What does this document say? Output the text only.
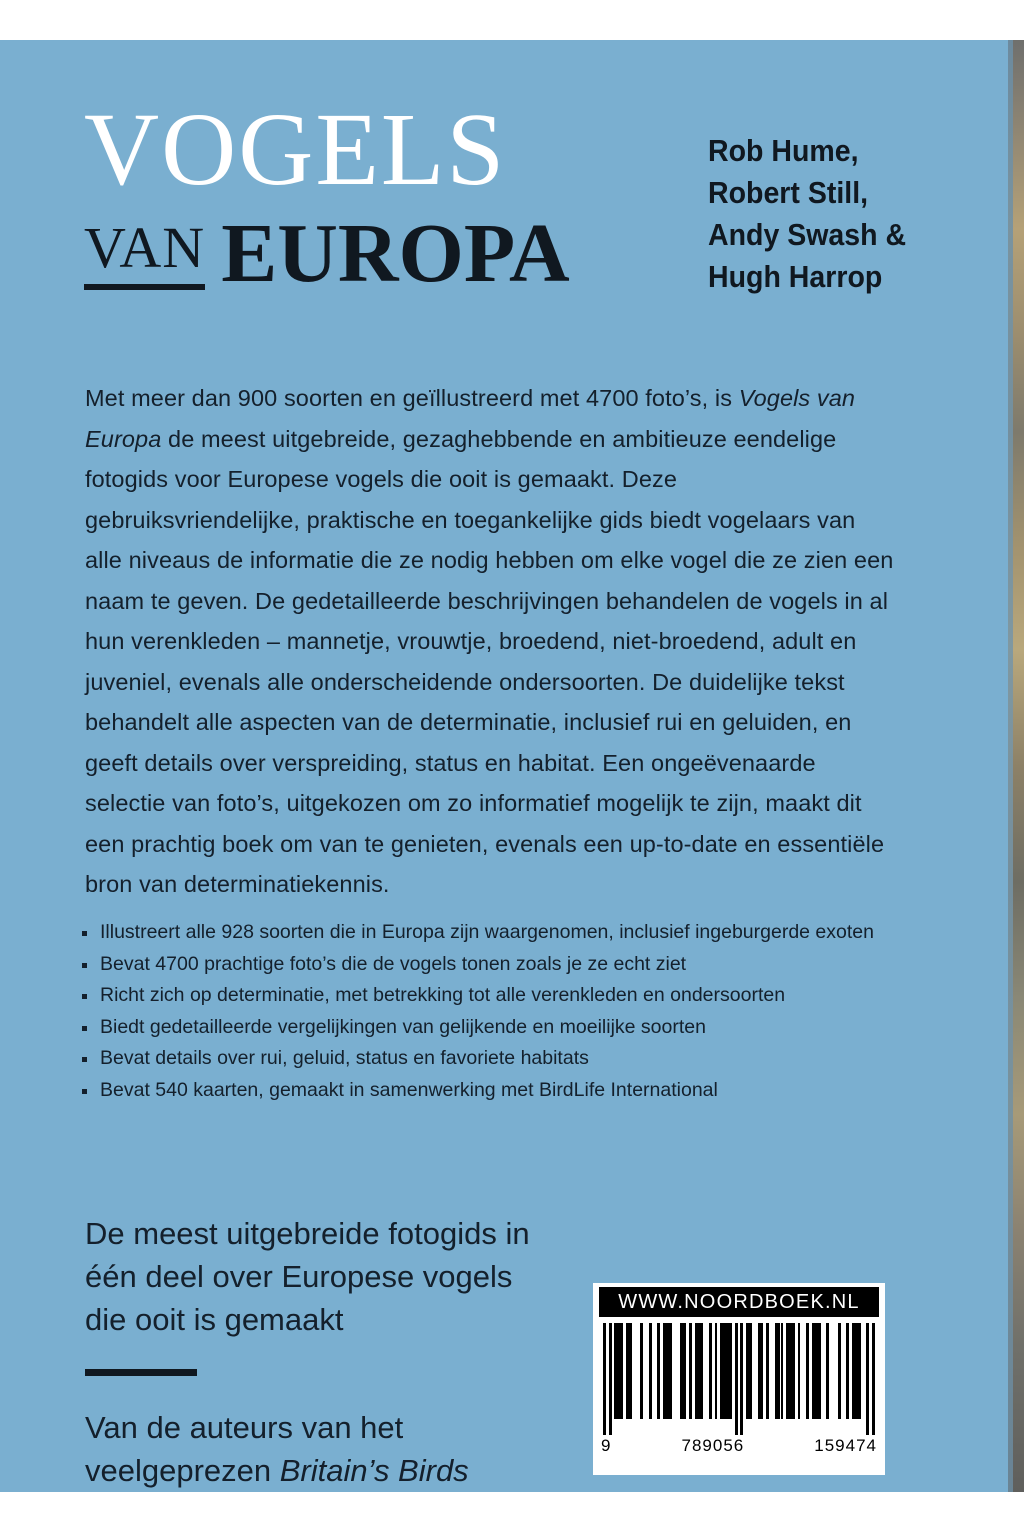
VOGELS
VAN EUROPA
Rob Hume,
Robert Still,
Andy Swash &
Hugh Harrop

Met meer dan 900 soorten en geïllustreerd met 4700 foto’s, is Vogels van Europa de meest uitgebreide, gezaghebbende en ambitieuze eendelige fotogids voor Europese vogels die ooit is gemaakt. Deze gebruiksvriendelijke, praktische en toegankelijke gids biedt vogelaars van alle niveaus de informatie die ze nodig hebben om elke vogel die ze zien een naam te geven. De gedetailleerde beschrijvingen behandelen de vogels in al hun verenkleden – mannetje, vrouwtje, broedend, niet-broedend, adult en juveniel, evenals alle onderscheidende ondersoorten. De duidelijke tekst behandelt alle aspecten van de determinatie, inclusief rui en geluiden, en geeft details over verspreiding, status en habitat. Een ongeëvenaarde selectie van foto’s, uitgekozen om zo informatief mogelijk te zijn, maakt dit een prachtig boek om van te genieten, evenals een up-to-date en essentiële bron van determinatiekennis.

Illustreert alle 928 soorten die in Europa zijn waargenomen, inclusief ingeburgerde exoten
Bevat 4700 prachtige foto’s die de vogels tonen zoals je ze echt ziet
Richt zich op determinatie, met betrekking tot alle verenkleden en ondersoorten
Biedt gedetailleerde vergelijkingen van gelijkende en moeilijke soorten
Bevat details over rui, geluid, status en favoriete habitats
Bevat 540 kaarten, gemaakt in samenwerking met BirdLife International
De meest uitgebreide fotogids in
één deel over Europese vogels
die ooit is gemaakt
Van de auteurs van het
veelgeprezen Britain’s Birds
WWW.NOORDBOEK.NL
9	789056	159474
